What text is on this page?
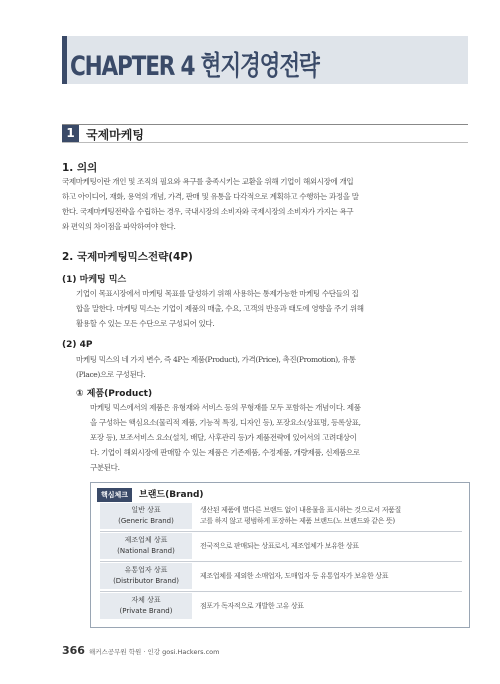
CHAPTER 4 현지경영전략
1 국제마케팅
1. 의의
국제마케팅이란 개인 및 조직의 필요와 욕구를 충족시키는 교환을 위해 기업이 해외시장에 개입
하고 아이디어, 재화, 용역의 개념, 가격, 판매 및 유통을 다각적으로 계획하고 수행하는 과정을 말
한다. 국제마케팅전략을 수립하는 경우, 국내시장의 소비자와 국제시장의 소비자가 가지는 욕구
와 편익의 차이점을 파악하여야 한다.
2. 국제마케팅믹스전략(4P)
(1) 마케팅 믹스
기업이 목표시장에서 마케팅 목표를 달성하기 위해 사용하는 통제가능한 마케팅 수단들의 집
합을 말한다. 마케팅 믹스는 기업이 제품의 매출, 수요, 고객의 반응과 태도에 영향을 주기 위해
활용할 수 있는 모든 수단으로 구성되어 있다.
(2) 4P
마케팅 믹스의 네 가지 변수, 즉 4P는 제품(Product), 가격(Price), 촉진(Promotion), 유통
(Place)으로 구성된다.
① 제품(Product)
마케팅 믹스에서의 제품은 유형재와 서비스 등의 무형재를 모두 포함하는 개념이다. 제품
을 구성하는 핵심요소(물리적 제품, 기능적 특징, 디자인 등), 포장요소(상표명, 등록상표,
포장 등), 보조서비스 요소(설치, 배달, 사후관리 등)가 제품전략에 있어서의 고려대상이
다. 기업이 해외시장에 판매할 수 있는 제품은 기존제품, 수정제품, 개량제품, 신제품으로
구분된다.
핵심체크	브랜드(Brand)
일반 상표
(Generic Brand)
생산된 제품에 별다른 브랜드 없이 내용물을 표시하는 것으로서 저품질
고를 하지 않고 평범하게 포장하는 제품 브랜드(노 브랜드와 같은 뜻)
제조업체 상표
(National Brand)
전국적으로 판매되는 상표로서, 제조업체가 보유한 상표
유통업자 상표
(Distributor Brand)
제조업체를 제외한 소매업자, 도매업자 등 유통업자가 보유한 상표
자체 상표
(Private Brand)
점포가 독자적으로 개발한 고유 상표
366 해커스공무원 학원 · 인강 gosi.Hackers.com
